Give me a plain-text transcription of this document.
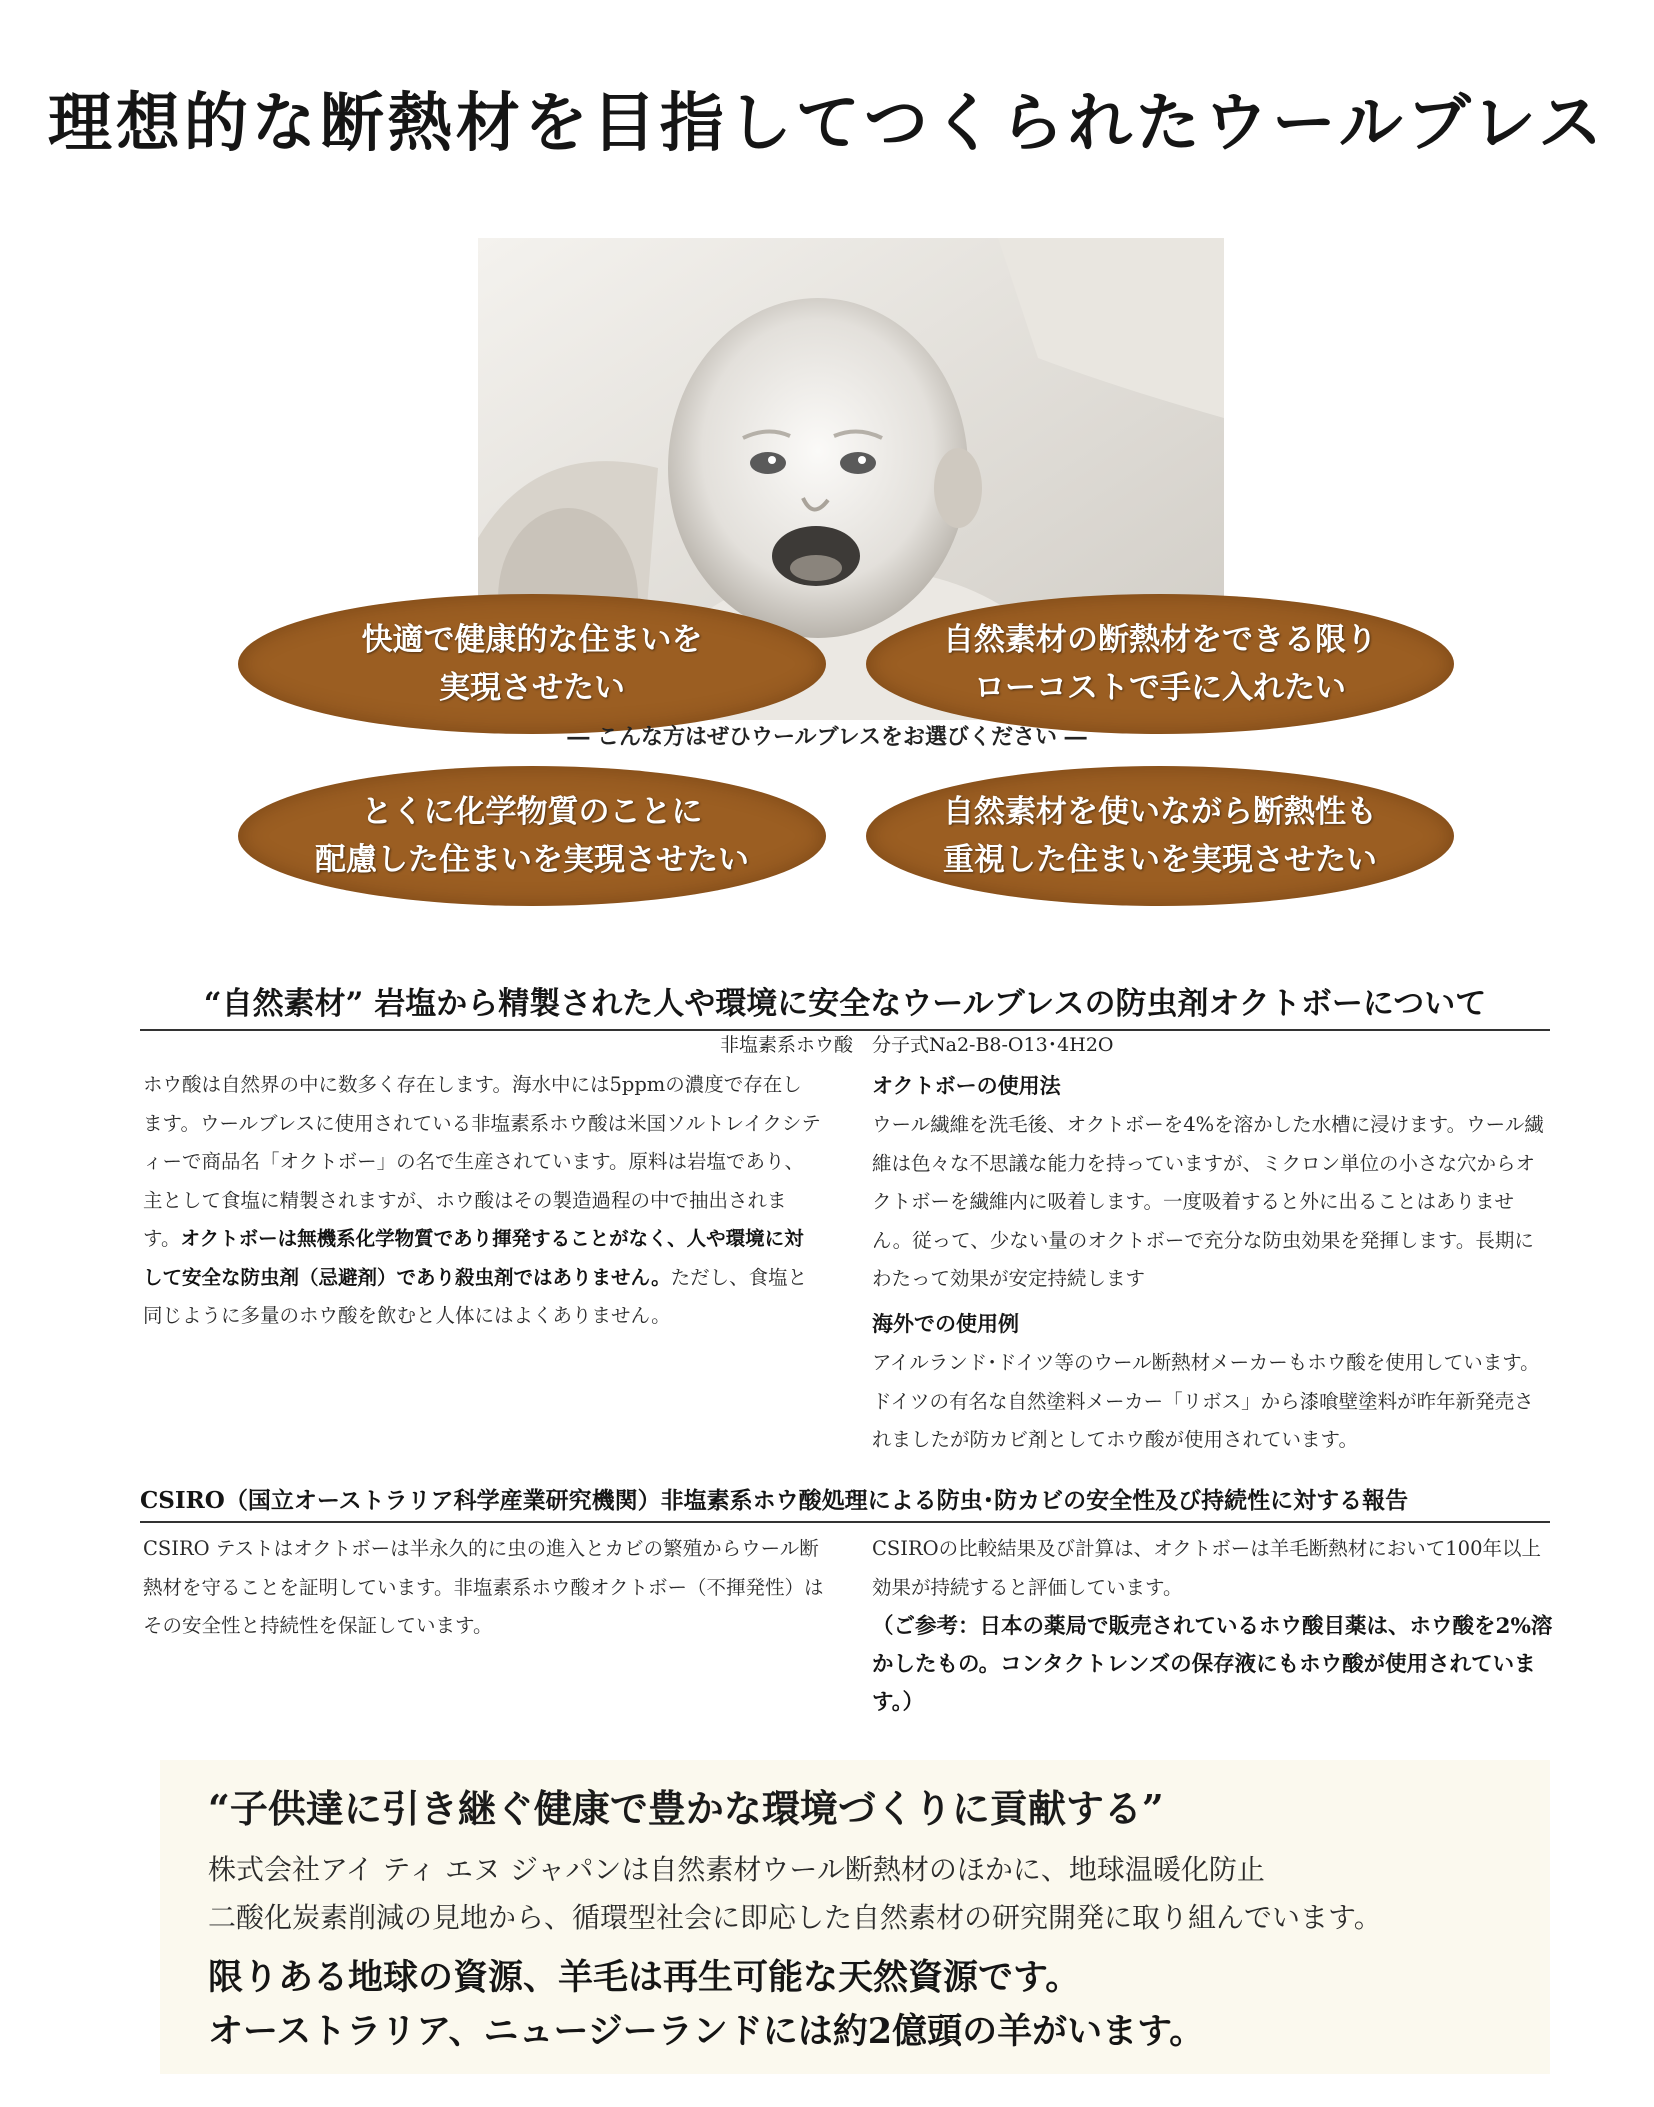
理想的な断熱材を目指してつくられたウールブレス
快適で健康的な住まいを
実現させたい
自然素材の断熱材をできる限り
ローコストで手に入れたい
― こんな方はぜひウールブレスをお選びください ―
とくに化学物質のことに
配慮した住まいを実現させたい
自然素材を使いながら断熱性も
重視した住まいを実現させたい
“自然素材” 岩塩から精製された人や環境に安全なウールブレスの防虫剤オクトボーについて
非塩素系ホウ酸　分子式Na2-B8-O13･4H2O
ホウ酸は自然界の中に数多く存在します。海水中には5ppmの濃度で存在します。ウールブレスに使用されている非塩素系ホウ酸は米国ソルトレイクシティーで商品名「オクトボー」の名で生産されています。原料は岩塩であり、主として食塩に精製されますが、ホウ酸はその製造過程の中で抽出されます。オクトボーは無機系化学物質であり揮発することがなく、人や環境に対して安全な防虫剤（忌避剤）であり殺虫剤ではありません。ただし、食塩と同じように多量のホウ酸を飲むと人体にはよくありません。
オクトボーの使用法
ウール繊維を洗毛後、オクトボーを4%を溶かした水槽に浸けます。ウール繊維は色々な不思議な能力を持っていますが、ミクロン単位の小さな穴からオクトボーを繊維内に吸着します。一度吸着すると外に出ることはありません。従って、少ない量のオクトボーで充分な防虫効果を発揮します。長期にわたって効果が安定持続します
海外での使用例
アイルランド･ドイツ等のウール断熱材メーカーもホウ酸を使用しています。ドイツの有名な自然塗料メーカー「リボス」から漆喰壁塗料が昨年新発売されましたが防カビ剤としてホウ酸が使用されています。
CSIRO（国立オーストラリア科学産業研究機関）非塩素系ホウ酸処理による防虫･防カビの安全性及び持続性に対する報告
CSIRO テストはオクトボーは半永久的に虫の進入とカビの繁殖からウール断熱材を守ることを証明しています。非塩素系ホウ酸オクトボー（不揮発性）はその安全性と持続性を保証しています。
CSIROの比較結果及び計算は、オクトボーは羊毛断熱材において100年以上効果が持続すると評価しています。
（ご参考：日本の薬局で販売されているホウ酸目薬は、ホウ酸を2%溶かしたもの。コンタクトレンズの保存液にもホウ酸が使用されています。）
“子供達に引き継ぐ健康で豊かな環境づくりに貢献する”
株式会社アイ ティ エヌ ジャパンは自然素材ウール断熱材のほかに、地球温暖化防止
二酸化炭素削減の見地から、循環型社会に即応した自然素材の研究開発に取り組んでいます。
限りある地球の資源、羊毛は再生可能な天然資源です。
オーストラリア、ニュージーランドには約2億頭の羊がいます。
